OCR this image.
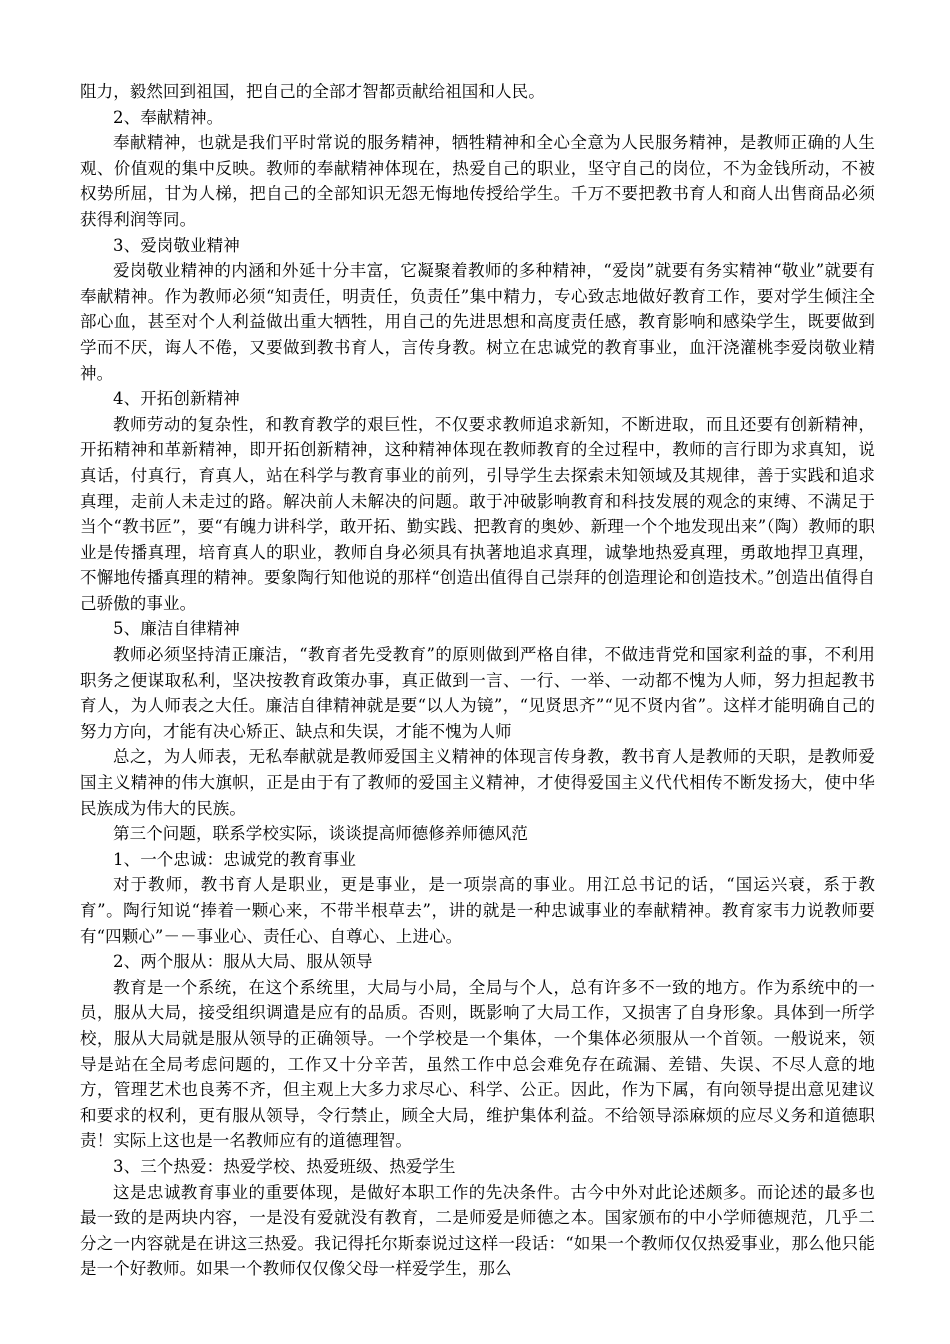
阻力，毅然回到祖国，把自己的全部才智都贡献给祖国和人民。

2、奉献精神。

奉献精神，也就是我们平时常说的服务精神，牺牲精神和全心全意为人民服务精神，是教师正确的人生观、价值观的集中反映。教师的奉献精神体现在，热爱自己的职业，坚守自己的岗位，不为金钱所动，不被权势所屈，甘为人梯，把自己的全部知识无怨无悔地传授给学生。千万不要把教书育人和商人出售商品必须获得利润等同。

3、爱岗敬业精神

爱岗敬业精神的内涵和外延十分丰富，它凝聚着教师的多种精神，“爱岗”就要有务实精神“敬业”就要有奉献精神。作为教师必须“知责任，明责任，负责任”集中精力，专心致志地做好教育工作，要对学生倾注全部心血，甚至对个人利益做出重大牺牲，用自己的先进思想和高度责任感，教育影响和感染学生，既要做到学而不厌，诲人不倦，又要做到教书育人，言传身教。树立在忠诚党的教育事业，血汗浇灌桃李爱岗敬业精神。

4、开拓创新精神

教师劳动的复杂性，和教育教学的艰巨性，不仅要求教师追求新知，不断进取，而且还要有创新精神，开拓精神和革新精神，即开拓创新精神，这种精神体现在教师教育的全过程中，教师的言行即为求真知，说真话，付真行，育真人，站在科学与教育事业的前列，引导学生去探索未知领域及其规律，善于实践和追求真理，走前人未走过的路。解决前人未解决的问题。敢于冲破影响教育和科技发展的观念的束缚、不满足于当个“教书匠”，要“有魄力讲科学，敢开拓、勤实践、把教育的奥妙、新理一个个地发现出来”（陶）教师的职业是传播真理，培育真人的职业，教师自身必须具有执著地追求真理，诚挚地热爱真理，勇敢地捍卫真理，不懈地传播真理的精神。要象陶行知他说的那样“创造出值得自己崇拜的创造理论和创造技术。”创造出值得自己骄傲的事业。

5、廉洁自律精神

教师必须坚持清正廉洁，“教育者先受教育”的原则做到严格自律，不做违背党和国家利益的事，不利用职务之便谋取私利，坚决按教育政策办事，真正做到一言、一行、一举、一动都不愧为人师，努力担起教书育人，为人师表之大任。廉洁自律精神就是要“以人为镜”，“见贤思齐”“见不贤内省”。这样才能明确自己的努力方向，才能有决心矫正、缺点和失误，才能不愧为人师

总之，为人师表，无私奉献就是教师爱国主义精神的体现言传身教，教书育人是教师的天职，是教师爱国主义精神的伟大旗帜，正是由于有了教师的爱国主义精神，才使得爱国主义代代相传不断发扬大，使中华民族成为伟大的民族。

第三个问题，联系学校实际，谈谈提高师德修养师德风范

1、一个忠诚：忠诚党的教育事业

对于教师，教书育人是职业，更是事业，是一项崇高的事业。用江总书记的话，“国运兴衰，系于教育”。陶行知说“捧着一颗心来，不带半根草去”，讲的就是一种忠诚事业的奉献精神。教育家韦力说教师要有“四颗心”－－事业心、责任心、自尊心、上进心。

2、两个服从：服从大局、服从领导

教育是一个系统，在这个系统里，大局与小局，全局与个人，总有许多不一致的地方。作为系统中的一员，服从大局，接受组织调遣是应有的品质。否则，既影响了大局工作，又损害了自身形象。具体到一所学校，服从大局就是服从领导的正确领导。一个学校是一个集体，一个集体必须服从一个首领。一般说来，领导是站在全局考虑问题的，工作又十分辛苦，虽然工作中总会难免存在疏漏、差错、失误、不尽人意的地方，管理艺术也良莠不齐，但主观上大多力求尽心、科学、公正。因此，作为下属，有向领导提出意见建议和要求的权利，更有服从领导，令行禁止，顾全大局，维护集体利益。不给领导添麻烦的应尽义务和道德职责！实际上这也是一名教师应有的道德理智。

3、三个热爱：热爱学校、热爱班级、热爱学生

这是忠诚教育事业的重要体现，是做好本职工作的先决条件。古今中外对此论述颇多。而论述的最多也最一致的是两块内容，一是没有爱就没有教育，二是师爱是师德之本。国家颁布的中小学师德规范，几乎二分之一内容就是在讲这三热爱。我记得托尔斯泰说过这样一段话：“如果一个教师仅仅热爱事业，那么他只能是一个好教师。如果一个教师仅仅像父母一样爱学生，那么
